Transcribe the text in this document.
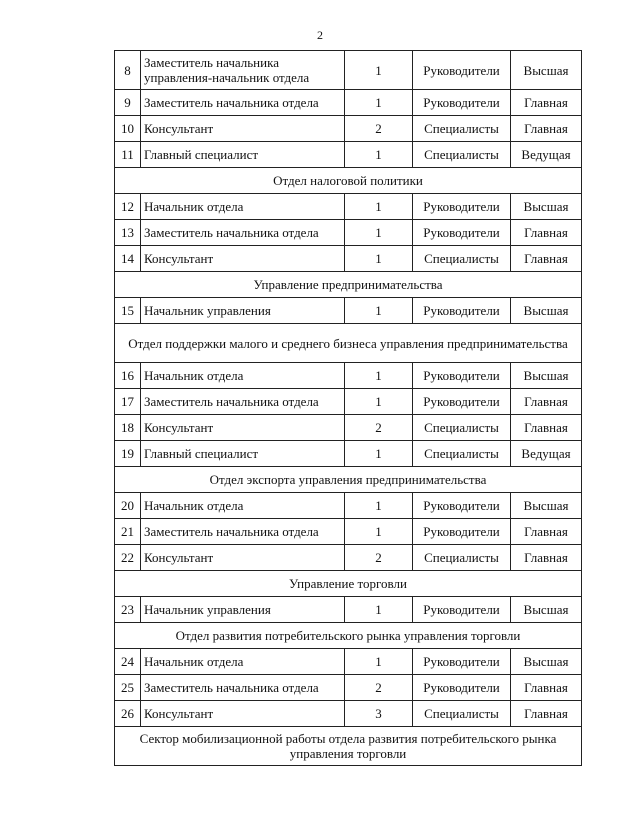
2
8	Заместитель начальника управления-начальник отдела	1	Руководители	Высшая
9	Заместитель начальника отдела	1	Руководители	Главная
10	Консультант	2	Специалисты	Главная
11	Главный специалист	1	Специалисты	Ведущая
Отдел налоговой политики				
12	Начальник отдела	1	Руководители	Высшая
13	Заместитель начальника отдела	1	Руководители	Главная
14	Консультант	1	Специалисты	Главная
Управление предпринимательства				
15	Начальник управления	1	Руководители	Высшая
Отдел поддержки малого и среднего бизнеса управления предпринимательства				
16	Начальник отдела	1	Руководители	Высшая
17	Заместитель начальника отдела	1	Руководители	Главная
18	Консультант	2	Специалисты	Главная
19	Главный специалист	1	Специалисты	Ведущая
Отдел экспорта управления предпринимательства				
20	Начальник отдела	1	Руководители	Высшая
21	Заместитель начальника отдела	1	Руководители	Главная
22	Консультант	2	Специалисты	Главная
Управление торговли				
23	Начальник управления	1	Руководители	Высшая
Отдел развития потребительского рынка управления торговли				
24	Начальник отдела	1	Руководители	Высшая
25	Заместитель начальника отдела	2	Руководители	Главная
26	Консультант	3	Специалисты	Главная
Сектор мобилизационной работы отдела развития потребительского рынка управления торговли				
